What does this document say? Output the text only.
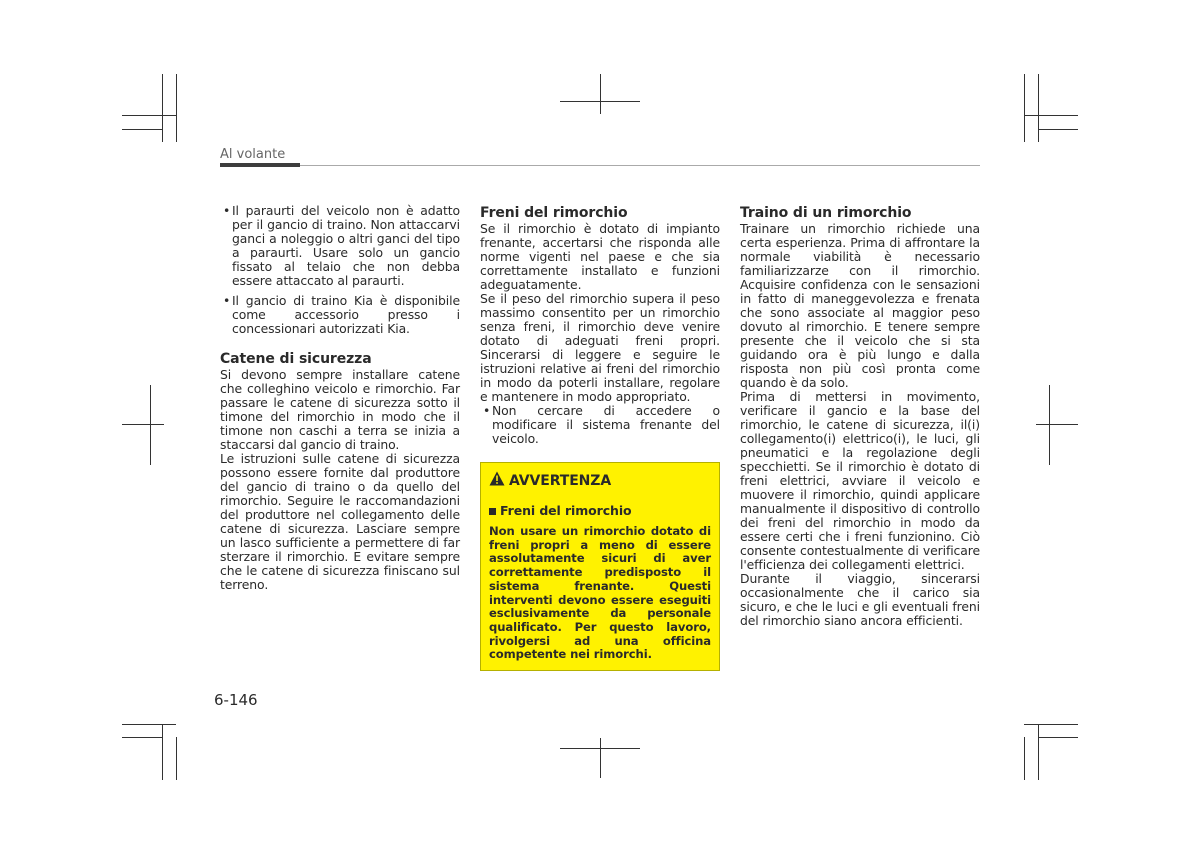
Al volante

• Il paraurti del veicolo non è adatto per il gancio di traino. Non attaccarvi ganci a noleggio o altri ganci del tipo a paraurti. Usare solo un gancio fissato al telaio che non debba essere attaccato al paraurti.

• Il gancio di traino Kia è disponibile come accessorio presso i concessionari autorizzati Kia.

Catene di sicurezza

Si devono sempre installare catene che colleghino veicolo e rimorchio. Far passare le catene di sicurezza sotto il timone del rimorchio in modo che il timone non caschi a terra se inizia a staccarsi dal gancio di traino.

Le istruzioni sulle catene di sicurezza possono essere fornite dal produttore del gancio di traino o da quello del rimorchio. Seguire le raccomandazioni del produttore nel collegamento delle catene di sicurezza. Lasciare sempre un lasco sufficiente a permettere di far sterzare il rimorchio. E evitare sempre che le catene di sicurezza finiscano sul terreno.

Freni del rimorchio

Se il rimorchio è dotato di impianto frenante, accertarsi che risponda alle norme vigenti nel paese e che sia correttamente installato e funzioni adeguatamente.

Se il peso del rimorchio supera il peso massimo consentito per un rimorchio senza freni, il rimorchio deve venire dotato di adeguati freni propri. Sincerarsi di leggere e seguire le istruzioni relative ai freni del rimorchio in modo da poterli installare, regolare e mantenere in modo appropriato.

• Non cercare di accedere o modificare il sistema frenante del veicolo.

AVVERTENZA
Freni del rimorchio

Non usare un rimorchio dotato di freni propri a meno di essere assolutamente sicuri di aver correttamente predisposto il sistema frenante. Questi interventi devono essere eseguiti esclusivamente da personale qualificato. Per questo lavoro, rivolgersi ad una officina competente nei rimorchi.

Traino di un rimorchio

Trainare un rimorchio richiede una certa esperienza. Prima di affrontare la normale viabilità è necessario familiarizzarze con il rimorchio. Acquisire confidenza con le sensazioni in fatto di maneggevolezza e frenata che sono associate al maggior peso dovuto al rimorchio. E tenere sempre presente che il veicolo che si sta guidando ora è più lungo e dalla risposta non più così pronta come quando è da solo.

Prima di mettersi in movimento, verificare il gancio e la base del rimorchio, le catene di sicurezza, il(i) collegamento(i) elettrico(i), le luci, gli pneumatici e la regolazione degli specchietti. Se il rimorchio è dotato di freni elettrici, avviare il veicolo e muovere il rimorchio, quindi applicare manualmente il dispositivo di controllo dei freni del rimorchio in modo da essere certi che i freni funzionino. Ciò consente contestualmente di verificare l'efficienza dei collegamenti elettrici.

Durante il viaggio, sincerarsi occasionalmente che il carico sia sicuro, e che le luci e gli eventuali freni del rimorchio siano ancora efficienti.

6-146
